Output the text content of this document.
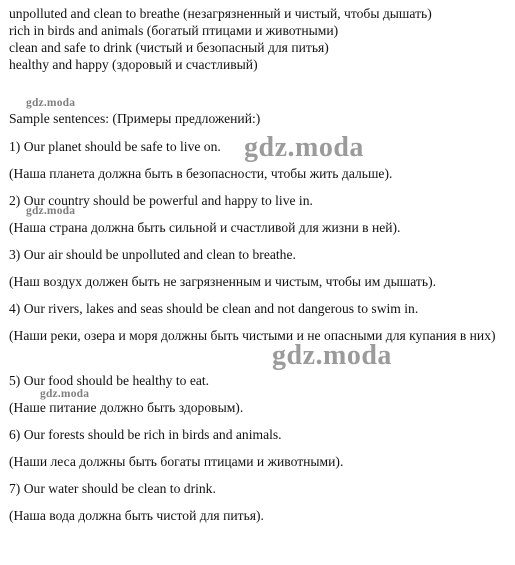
unpolluted and clean to breathe (незагрязненный и чистый, чтобы дышать)

rich in birds and animals (богатый птицами и животными)

clean and safe to drink (чистый и безопасный для питья)

healthy and happy (здоровый и счастливый)

gdz.moda

Sample sentences: (Примеры предложений:)

1) Our planet should be safe to live on. gdz.moda

(Наша планета должна быть в безопасности, чтобы жить дальше).

2) Our country should be powerful and happy to live in.

gdz.moda

(Наша страна должна быть сильной и счастливой для жизни в ней).

3) Our air should be unpolluted and clean to breathe.

(Наш воздух должен быть не загрязненным и чистым, чтобы им дышать).

4) Our rivers, lakes and seas should be clean and not dangerous to swim in.

(Наши реки, озера и моря должны быть чистыми и не опасными для купания в них)

gdz.moda

5) Our food should be healthy to eat.

gdz.moda

(Наше питание должно быть здоровым).

6) Our forests should be rich in birds and animals.

(Наши леса должны быть богаты птицами и животными).

7) Our water should be clean to drink.

(Наша вода должна быть чистой для питья).
